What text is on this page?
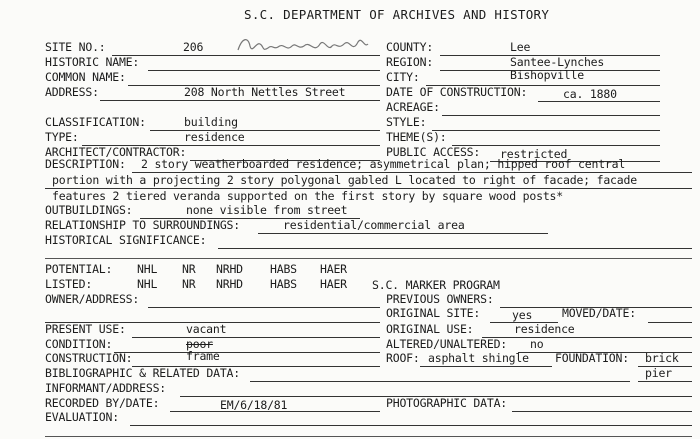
S.C. DEPARTMENT OF ARCHIVES AND HISTORY
SITE NO.:	206
HISTORIC NAME:
COMMON NAME:
ADDRESS:	208 North Nettles Street
CLASSIFICATION:	building
TYPE:	residence
ARCHITECT/CONTRACTOR:
COUNTY:	Lee
REGION:	Santee-Lynches
CITY:	Bishopville
DATE OF CONSTRUCTION:	ca. 1880
ACREAGE:
STYLE:
THEME(S):
PUBLIC ACCESS: restricted
DESCRIPTION: 2 story weatherboarded residence; asymmetrical plan; hipped roof central
portion with a projecting 2 story polygonal gabled L located to right of facade; facade
features 2 tiered veranda supported on the first story by square wood posts*
OUTBUILDINGS:	none visible from street
RELATIONSHIP TO SURROUNDINGS:	residential/commercial area
HISTORICAL SIGNIFICANCE:
POTENTIAL: NHL NR NRHD HABS HAER
LISTED:	NHL NR NRHD HABS HAER S.C. MARKER PROGRAM
OWNER/ADDRESS:	PREVIOUS OWNERS:
ORIGINAL SITE:	yes	MOVED/DATE:
PRESENT USE:	vacant	ORIGINAL USE:	residence
CONDITION:	poor	ALTERED/UNALTERED: no
CONSTRUCTION:	frame	ROOF: asphalt shingle FOUNDATION: brick
pier
BIBLIOGRAPHIC & RELATED DATA:
INFORMANT/ADDRESS:
RECORDED BY/DATE:	EM/6/18/81	PHOTOGRAPHIC DATA:
EVALUATION:
